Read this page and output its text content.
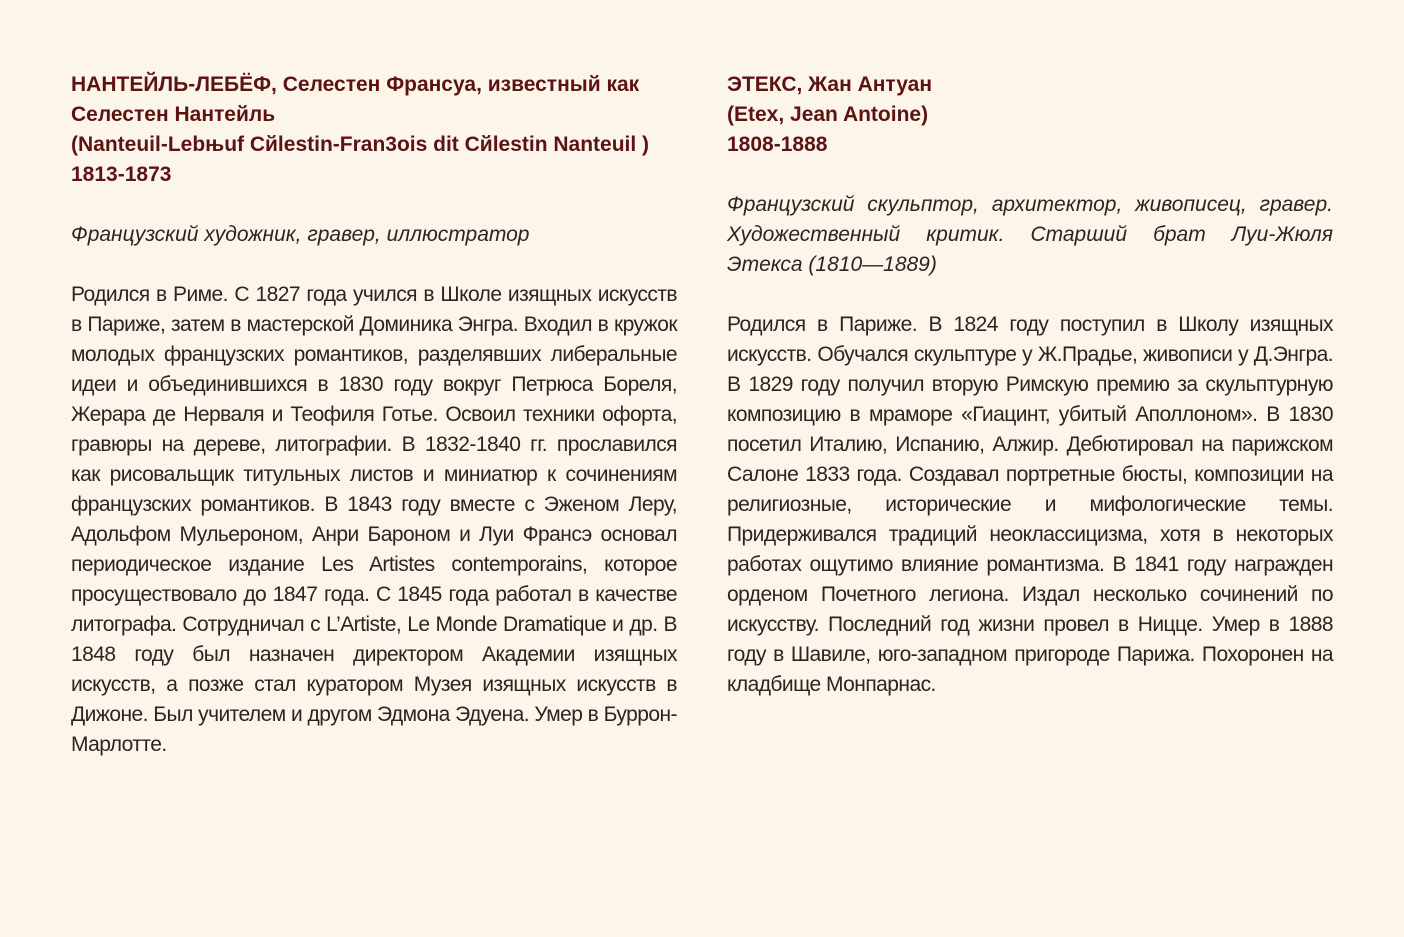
НАНТЕЙЛЬ-ЛЕБЁФ, Селестен Франсуа, известный как
Селестен Нантейль
(Nanteuil-Lebњuf Cйlestin-Fran3ois dit Cйlestin Nanteuil )
1813-1873

Французский художник, гравер, иллюстратор

Родился в Риме. С 1827 года учился в Школе изящных искусств в Париже, затем в мастерской Доминика Энгра. Входил в кружок молодых французских романтиков, разделявших либеральные идеи и объединившихся в 1830 году вокруг Петрюса Бореля, Жерара де Нерваля и Теофиля Готье. Освоил техники офорта, гравюры на дереве, литографии. В 1832-1840 гг. прославился как рисовальщик титульных листов и миниатюр к сочинениям французских романтиков. В 1843 году вместе с Эженом Леру, Адольфом Мульероном, Анри Бароном и Луи Франсэ основал периодическое издание Les Artistes contemporains, которое просуществовало до 1847 года. С 1845 года работал в качестве литографа. Сотрудничал с L’Artiste, Le Monde Dramatique и др. В 1848 году был назначен директором Академии изящных искусств, а позже стал куратором Музея изящных искусств в Дижоне. Был учителем и другом Эдмона Эдуена. Умер в Буррон-Марлотте.

ЭТЕКС, Жан Антуан
(Etex, Jean Antoine)
1808-1888

Французский скульптор, архитектор, живописец, гравер. Художественный критик. Старший брат Луи-Жюля Этекса (1810—1889)

Родился в Париже. В 1824 году поступил в Школу изящных искусств. Обучался скульптуре у Ж.Прадье, живописи у Д.Энгра. В 1829 году получил вторую Римскую премию за скульптурную композицию в мраморе «Гиацинт, убитый Аполлоном». В 1830 посетил Италию, Испанию, Алжир. Дебютировал на парижском Салоне 1833 года. Создавал портретные бюсты, композиции на религиозные, исторические и мифологические темы. Придерживался традиций неоклассицизма, хотя в некоторых работах ощутимо влияние романтизма. В 1841 году награжден орденом Почетного легиона. Издал несколько сочинений по искусству. Последний год жизни провел в Ницце. Умер в 1888 году в Шавиле, юго-западном пригороде Парижа. Похоронен на кладбище Монпарнас.
